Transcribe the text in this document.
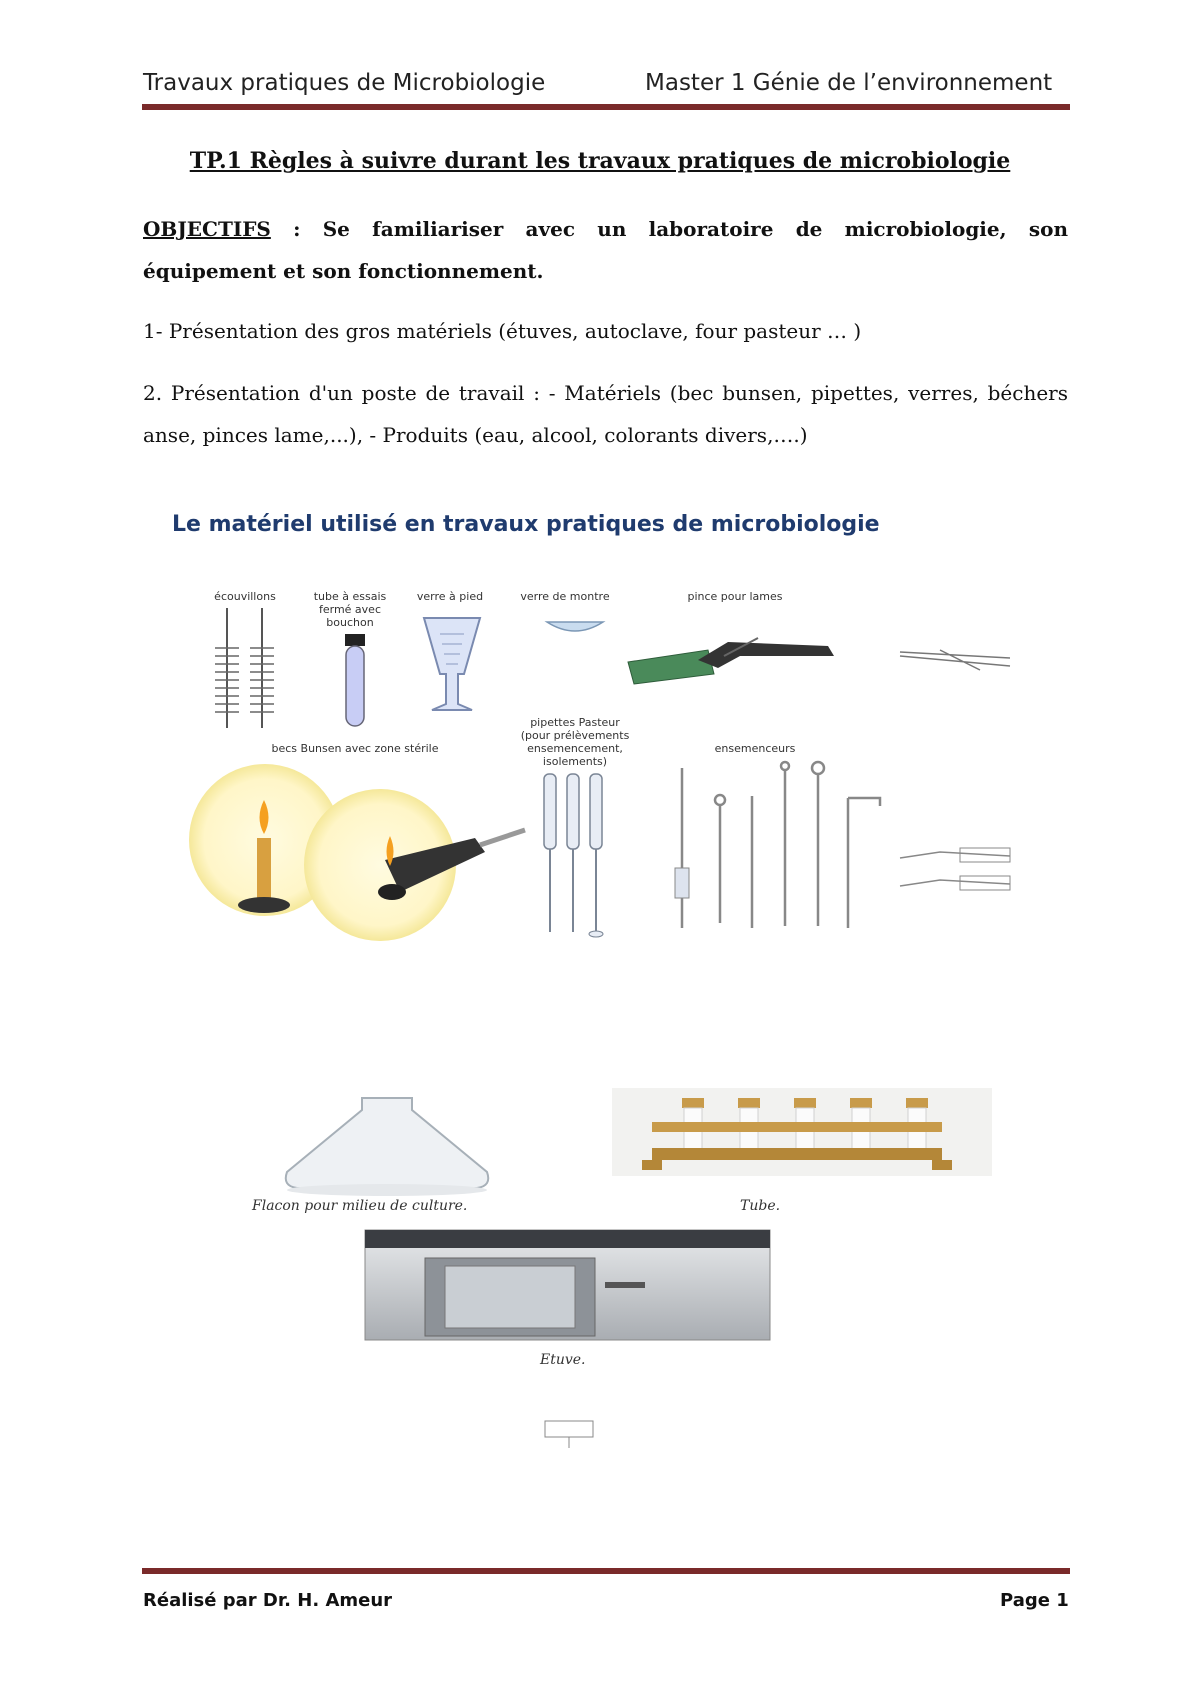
Travaux pratiques de Microbiologie	Master 1 Génie de l’environnement
TP.1 Règles à suivre durant les travaux pratiques de microbiologie
OBJECTIFS : Se familiariser avec un laboratoire de microbiologie, son équipement et son fonctionnement.
1- Présentation des gros matériels (étuves, autoclave, four pasteur … )
2. Présentation d'un poste de travail : - Matériels (bec bunsen, pipettes, verres, béchers anse, pinces lame,...), - Produits (eau, alcool, colorants divers,….)
Le matériel utilisé en travaux pratiques de microbiologie
écouvillons	tube à essais
fermé avec
bouchon
verre à pied	verre de montre	pince pour lames
becs Bunsen avec zone stérile
pipettes Pasteur
(pour prélèvements
ensemencement,
isolements)
ensemenceurs
Flacon pour milieu de culture.	Tube.
Etuve.
Réalisé par Dr. H. Ameur	Page 1
